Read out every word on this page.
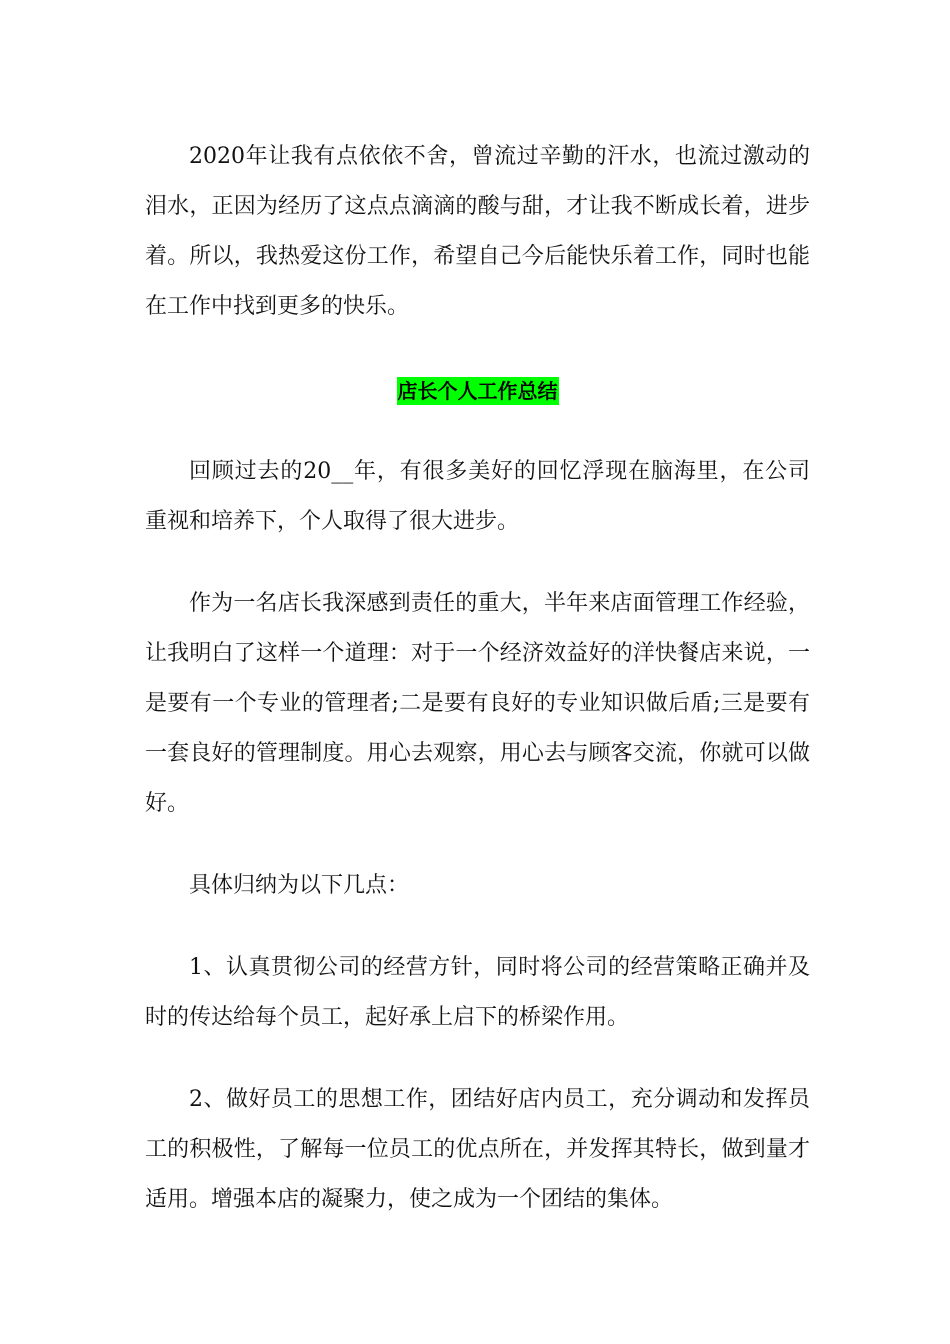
2020年让我有点依依不舍，曾流过辛勤的汗水，也流过激动的泪水，正因为经历了这点点滴滴的酸与甜，才让我不断成长着，进步着。所以，我热爱这份工作，希望自己今后能快乐着工作，同时也能在工作中找到更多的快乐。

店长个人工作总结

回顾过去的20__年，有很多美好的回忆浮现在脑海里，在公司重视和培养下，个人取得了很大进步。

作为一名店长我深感到责任的重大，半年来店面管理工作经验，让我明白了这样一个道理：对于一个经济效益好的洋快餐店来说，一是要有一个专业的管理者;二是要有良好的专业知识做后盾;三是要有一套良好的管理制度。用心去观察，用心去与顾客交流，你就可以做好。

具体归纳为以下几点：

1、认真贯彻公司的经营方针，同时将公司的经营策略正确并及时的传达给每个员工，起好承上启下的桥梁作用。

2、做好员工的思想工作，团结好店内员工，充分调动和发挥员工的积极性，了解每一位员工的优点所在，并发挥其特长，做到量才适用。增强本店的凝聚力，使之成为一个团结的集体。
